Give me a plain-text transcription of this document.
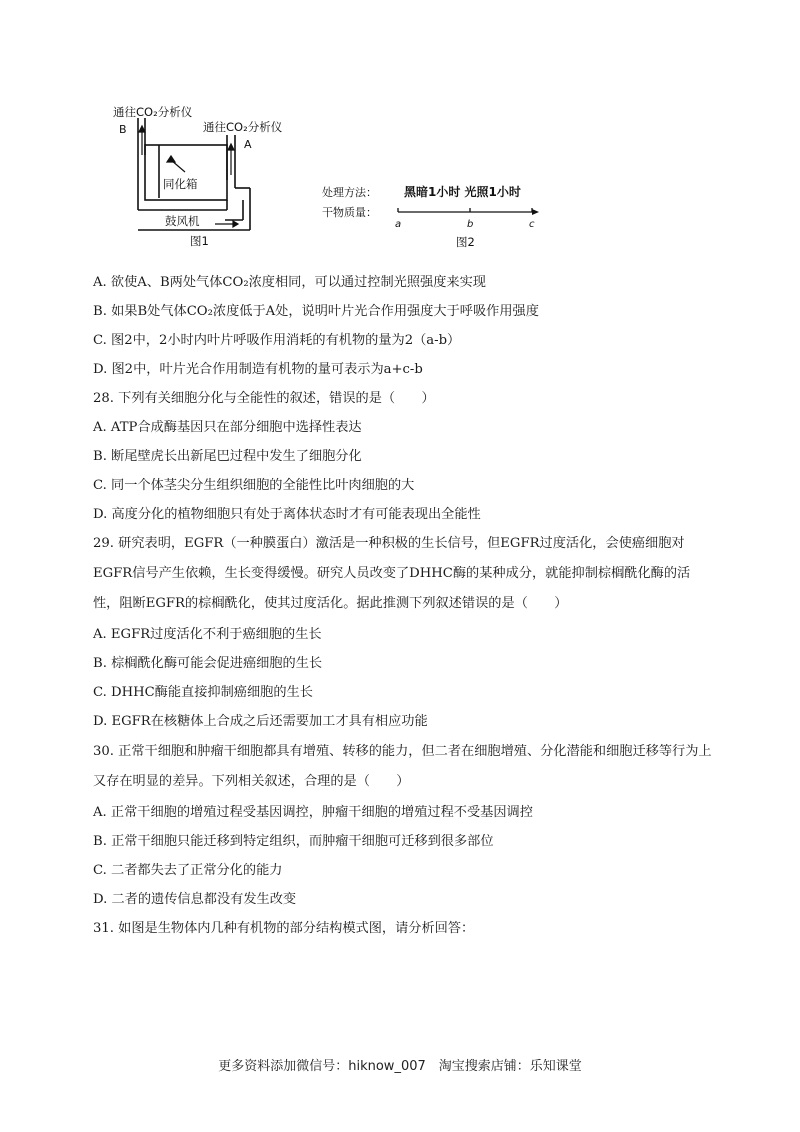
通往CO₂分析仪
B	通往CO₂分析仪
A
同化箱
鼓风机
图1
处理方法： 黑暗1小时 光照1小时
干物质量：
a	b	c
图2
A. 欲使A、B两处气体CO₂浓度相同，可以通过控制光照强度来实现
B. 如果B处气体CO₂浓度低于A处，说明叶片光合作用强度大于呼吸作用强度
C. 图2中，2小时内叶片呼吸作用消耗的有机物的量为2（a-b）
D. 图2中，叶片光合作用制造有机物的量可表示为a+c-b
28. 下列有关细胞分化与全能性的叙述，错误的是（　　）
A. ATP合成酶基因只在部分细胞中选择性表达
B. 断尾壁虎长出新尾巴过程中发生了细胞分化
C. 同一个体茎尖分生组织细胞的全能性比叶肉细胞的大
D. 高度分化的植物细胞只有处于离体状态时才有可能表现出全能性
29. 研究表明，EGFR（一种膜蛋白）激活是一种积极的生长信号，但EGFR过度活化，会使癌细胞对EGFR信号产生依赖，生长变得缓慢。研究人员改变了DHHC酶的某种成分，就能抑制棕榈酰化酶的活性，阻断EGFR的棕榈酰化，使其过度活化。据此推测下列叙述错误的是（　　）
A. EGFR过度活化不利于癌细胞的生长
B. 棕榈酰化酶可能会促进癌细胞的生长
C. DHHC酶能直接抑制癌细胞的生长
D. EGFR在核糖体上合成之后还需要加工才具有相应功能
30. 正常干细胞和肿瘤干细胞都具有增殖、转移的能力，但二者在细胞增殖、分化潜能和细胞迁移等行为上又存在明显的差异。下列相关叙述，合理的是（　　）
A. 正常干细胞的增殖过程受基因调控，肿瘤干细胞的增殖过程不受基因调控
B. 正常干细胞只能迁移到特定组织，而肿瘤干细胞可迁移到很多部位
C. 二者都失去了正常分化的能力
D. 二者的遗传信息都没有发生改变
31. 如图是生物体内几种有机物的部分结构模式图，请分析回答：
更多资料添加微信号：hiknow_007　淘宝搜索店铺：乐知课堂
